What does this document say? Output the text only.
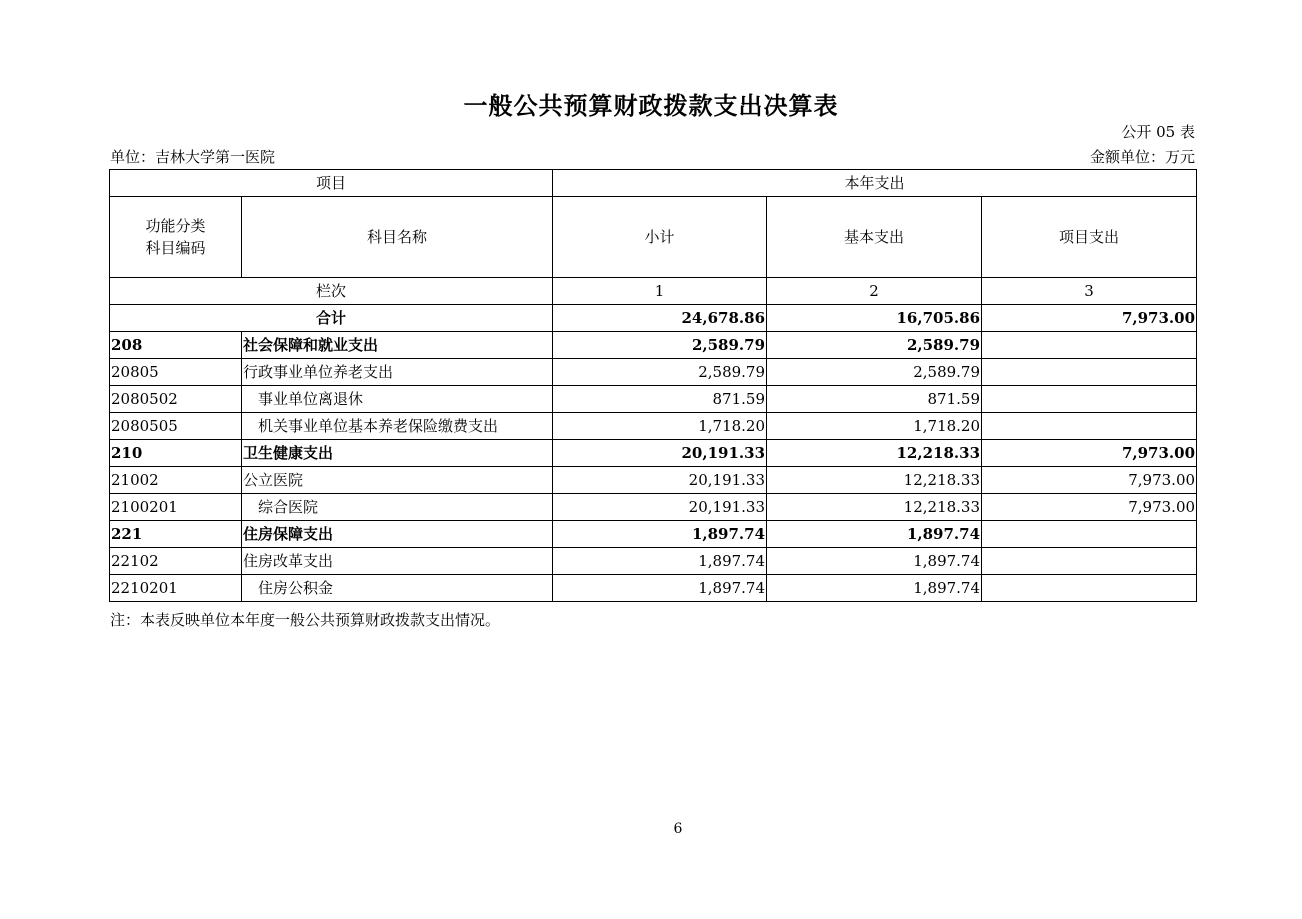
一般公共预算财政拨款支出决算表
公开 05 表
单位：吉林大学第一医院	金额单位：万元
项目		本年支出		

功能分类
科目编码	科目名称	小计	基本支出	项目支出
栏次		1	2	3
合计		24,678.86	16,705.86	7,973.00
208	社会保障和就业支出	2,589.79	2,589.79	
20805	行政事业单位养老支出	2,589.79	2,589.79	
2080502	事业单位离退休	871.59	871.59	
2080505	机关事业单位基本养老保险缴费支出	1,718.20	1,718.20	
210	卫生健康支出	20,191.33	12,218.33	7,973.00
21002	公立医院	20,191.33	12,218.33	7,973.00
2100201	综合医院	20,191.33	12,218.33	7,973.00
221	住房保障支出	1,897.74	1,897.74	
22102	住房改革支出	1,897.74	1,897.74	
2210201	住房公积金	1,897.74	1,897.74	
注：本表反映单位本年度一般公共预算财政拨款支出情况。
6
